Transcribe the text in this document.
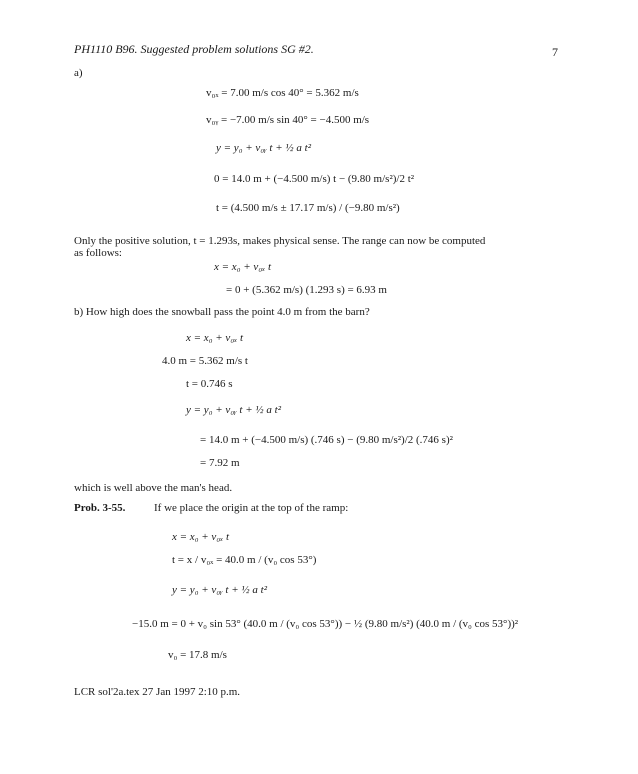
PH1110 B96. Suggested problem solutions SG #2.	7
a)
v₀ₓ = 7.00 m/s cos 40° = 5.362 m/s
v₀ᵧ = −7.00 m/s sin 40° = −4.500 m/s
y = y₀ + v₀ᵧ t + ½ a t²
0 = 14.0 m + (−4.500 m/s) t − (9.80 m/s²)/2 t²
t = (4.500 m/s ± 17.17 m/s) / (−9.80 m/s²)
Only the positive solution, t = 1.293s, makes physical sense. The range can now be computed
as follows:
x = x₀ + v₀ₓ t
= 0 + (5.362 m/s) (1.293 s) = 6.93 m
b) How high does the snowball pass the point 4.0 m from the barn?
x = x₀ + v₀ₓ t
4.0 m = 5.362 m/s t
t = 0.746 s
y = y₀ + v₀ᵧ t + ½ a t²
= 14.0 m + (−4.500 m/s) (.746 s) − (9.80 m/s²)/2 (.746 s)²
= 7.92 m
which is well above the man's head.
Prob. 3-55.	If we place the origin at the top of the ramp:
x = x₀ + v₀ₓ t
t = x / v₀ₓ = 40.0 m / (v₀ cos 53°)
y = y₀ + v₀ᵧ t + ½ a t²
−15.0 m = 0 + v₀ sin 53° (40.0 m / (v₀ cos 53°)) − ½ (9.80 m/s²) (40.0 m / (v₀ cos 53°))²
v₀ = 17.8 m/s
LCR sol'2a.tex 27 Jan 1997 2:10 p.m.
